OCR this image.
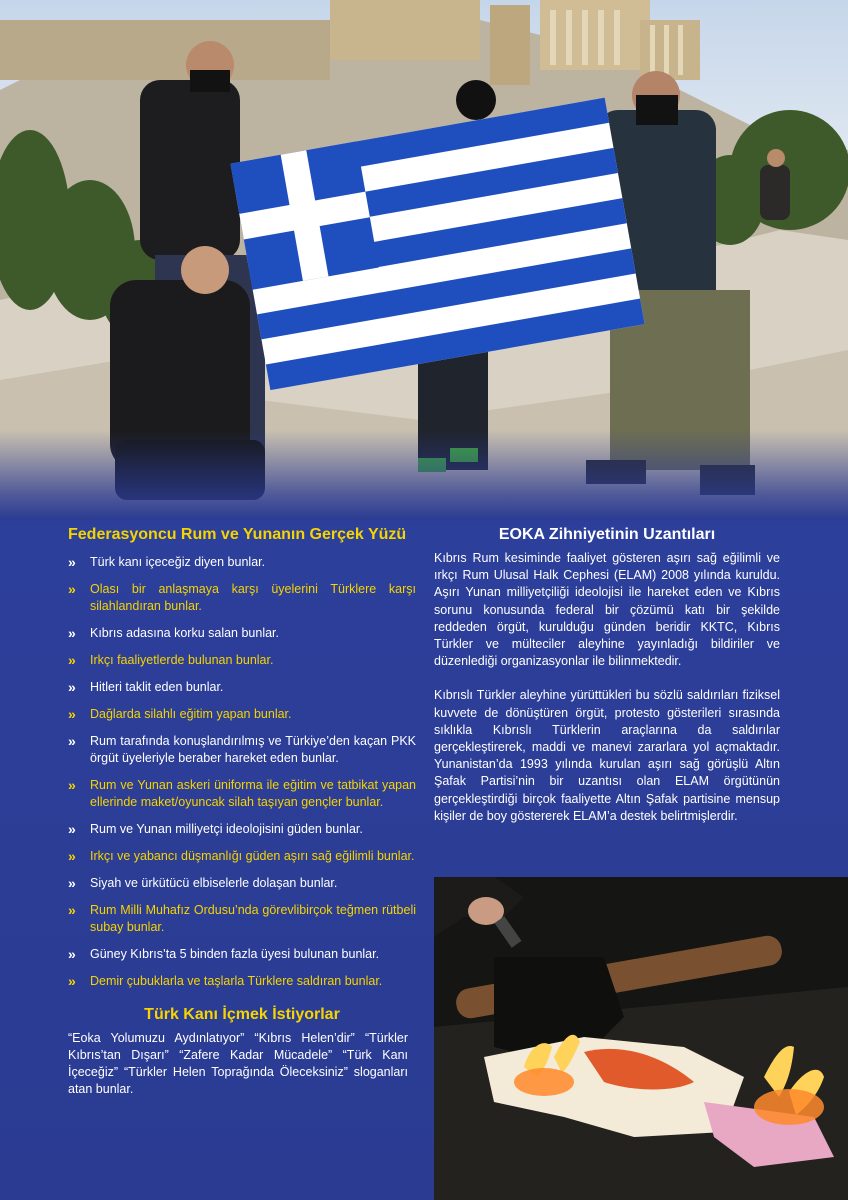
Federasyoncu Rum ve Yunanın Gerçek Yüzü
» Türk kanı içeceğiz diyen bunlar.
» Olası bir anlaşmaya karşı üyelerini Türklere karşı silahlandıran bunlar.
» Kıbrıs adasına korku salan bunlar.
» Irkçı faaliyetlerde bulunan bunlar.
» Hitleri taklit eden bunlar.
» Dağlarda silahlı eğitim yapan bunlar.
» Rum tarafında konuşlandırılmış ve Türkiye’den kaçan PKK örgüt üyeleriyle beraber hareket eden bunlar.
» Rum ve Yunan askeri üniforma ile eğitim ve tatbikat yapan ellerinde maket/oyuncak silah taşıyan gençler bunlar.
» Rum ve Yunan milliyetçi ideolojisini güden bunlar.
» Irkçı ve yabancı düşmanlığı güden aşırı sağ eğilimli bunlar.
» Siyah ve ürkütücü elbiselerle dolaşan bunlar.
» Rum Milli Muhafız Ordusu’nda görevlibirçok teğmen rütbeli subay bunlar.
» Güney Kıbrıs’ta 5 binden fazla üyesi bulunan bunlar.
» Demir çubuklarla ve taşlarla Türklere saldıran bunlar.
Türk Kanı İçmek İstiyorlar

“Eoka Yolumuzu Aydınlatıyor” “Kıbrıs Helen’dir” “Türkler Kıbrıs’tan Dışarı” “Zafere Kadar Mücadele” “Türk Kanı İçeceğiz” “Türkler Helen Toprağında Öleceksiniz” sloganları atan bunlar.

EOKA Zihniyetinin Uzantıları

Kıbrıs Rum kesiminde faaliyet gösteren aşırı sağ eğilimli ve ırkçı Rum Ulusal Halk Cephesi (ELAM) 2008 yılında kuruldu. Aşırı Yunan milliyetçiliği ideolojisi ile hareket eden ve Kıbrıs sorunu konusunda federal bir çözümü katı bir şekilde reddeden örgüt, kurulduğu günden beridir KKTC, Kıbrıs Türkler ve mülteciler aleyhine yayınladığı bildiriler ve düzenlediği organizasyonlar ile bilinmektedir.

Kıbrıslı Türkler aleyhine yürüttükleri bu sözlü saldırıları fiziksel kuvvete de dönüştüren örgüt, protesto gösterileri sırasında sıklıkla Kıbrıslı Türklerin araçlarına da saldırılar gerçekleştirerek, maddi ve manevi zararlara yol açmaktadır. Yunanistan’da 1993 yılında kurulan aşırı sağ görüşlü Altın Şafak Partisi’nin bir uzantısı olan ELAM örgütünün gerçekleştirdiği birçok faaliyette Altın Şafak partisine mensup kişiler de boy göstererek ELAM’a destek belirtmişlerdir.
